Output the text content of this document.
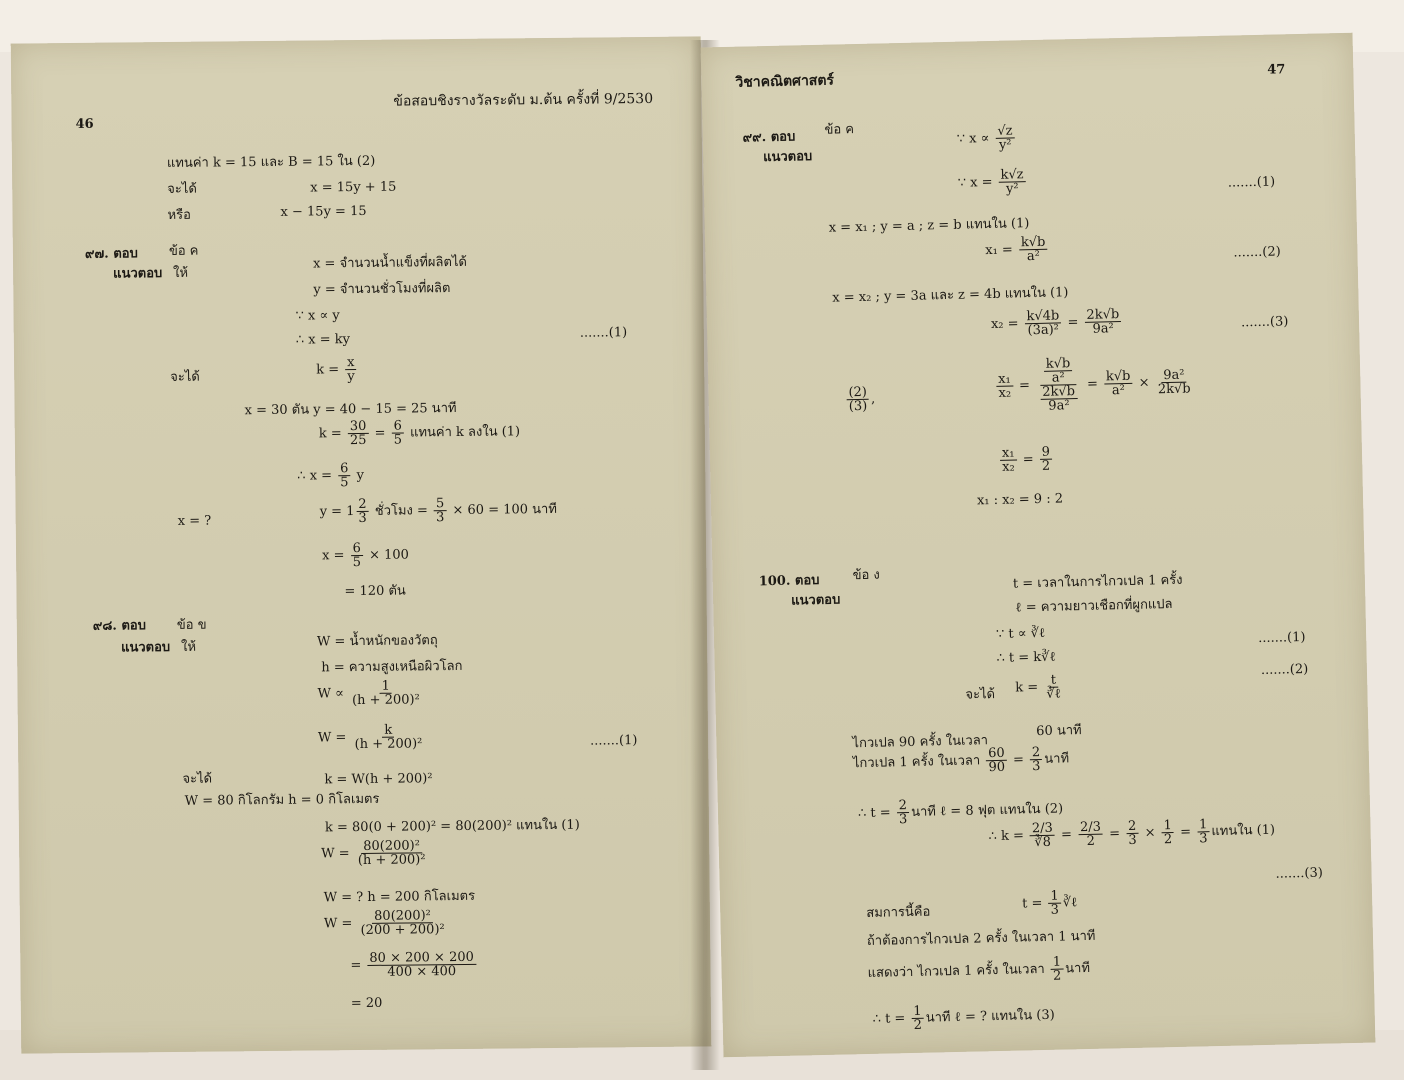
46
ข้อสอบชิงรางวัลระดับ ม.ต้น ครั้งที่ 9/2530
แทนค่า k = 15 และ B = 15 ใน (2)
จะได้	x = 15y + 15
หรือ	x − 15y = 15
๙๗. ตอบ ข้อ ค
แนวตอบ ให้
x = จำนวนน้ำแข็งที่ผลิตได้
y = จำนวนชั่วโมงที่ผลิต
∵ x ∝ y
∴ x = ky	.......(1)
จะได้	$k = \frac{x}{y}$
x = 30 ตัน y = 40 − 15 = 25 นาที
$k = \frac{30}{25} = \frac{6}{5}$ แทนค่า k ลงใน (1)
∴ $x = \frac{6}{5}$ y
x = ?
$y = 1 \frac{2}{3}$ ชั่วโมง = $\frac{5}{3} \times 60 = 100$ นาที
$x = \frac{6}{5} \times 100$
= 120 ตัน
๙๘. ตอบ ข้อ ข
แนวตอบ ให้	W = น้ำหนักของวัตถุ
h = ความสูงเหนือผิวโลก
$W \propto \frac{1}{\text{(h + 200)²}}$
$W = \frac{k}{\text{(h + 200)²}}$	.......(1)
จะได้	k = W(h + 200)²
W = 80 กิโลกรัม h = 0 กิโลเมตร
k = 80(0 + 200)² = 80(200)² แทนใน (1)
$W = \frac{\text{80(200)²}}{\text{(h + 200)²}}$
W = ? h = 200 กิโลเมตร
$W = \frac{\text{80(200)²}}{\text{(200 + 200)²}}$
= $\frac{80 \times 200 \times 200}{400 \times 400}$
= 20
วิชาคณิตศาสตร์
47
๙๙. ตอบ ข้อ ค
แนวตอบ
∵ $x \propto \frac{√z}{\text{y²}}$
∵ $x = \frac{k√z}{\text{y²}}$	.......(1)
x = x₁ ; y = a ; z = b แทนใน (1)
$x_1 = \frac{k√b}{\text{a²}}$	.......(2)
x = x₂ ; y = 3a และ z = 4b แทนใน (1)
$x_2 = \frac{k√4b}{\text{(3a)²}} = \frac{2k√b}{\text{9a²}}$	.......(3)
$\frac{(2)}{(3)}$ ,	$\frac{\text{x₁}}{\text{x₂}} = \frac{\frac{k√b}{\text{a²}}}{\frac{2k√b}{\text{9a²}}} = \frac{k√b}{\text{a²}} \times \frac{\text{9a²}}{2k√b}$
$\frac{\text{x₁}}{\text{x₂}} = \frac{9}{2}$
x₁ : x₂ = 9 : 2
100. ตอบ	ข้อ ง
แนวตอบ
t = เวลาในการไกวเปล 1 ครั้ง
ℓ = ความยาวเชือกที่ผูกแปล
∵ t ∝ ∛ℓ	.......(1)
∴ t = k∛ℓ
.......(2)
จะได้ $k = \frac{t}{\text{∛ℓ}}$
ไกวเปล 90 ครั้ง ในเวลา
60 นาที
ไกวเปล 1 ครั้ง ในเวลา $\frac{60}{90} = \frac{2}{3}$ นาที
∴ $t = \frac{2}{3}$ นาที ℓ = 8 ฟุต แทนใน (2)
∴ $k = \frac{2/3}{∛8} = \frac{2/3}{2} = \frac{2}{3} \times \frac{1}{2} = \frac{1}{3}$ แทนใน (1)
.......(3)
สมการนี้คือ
$t = \frac{1}{3}$ ∛ℓ
ถ้าต้องการไกวเปล 2 ครั้ง ในเวลา 1 นาที
แสดงว่า ไกวเปล 1 ครั้ง ในเวลา $\frac{1}{2}$ นาที
∴ $t = \frac{1}{2}$ นาที ℓ = ? แทนใน (3)
